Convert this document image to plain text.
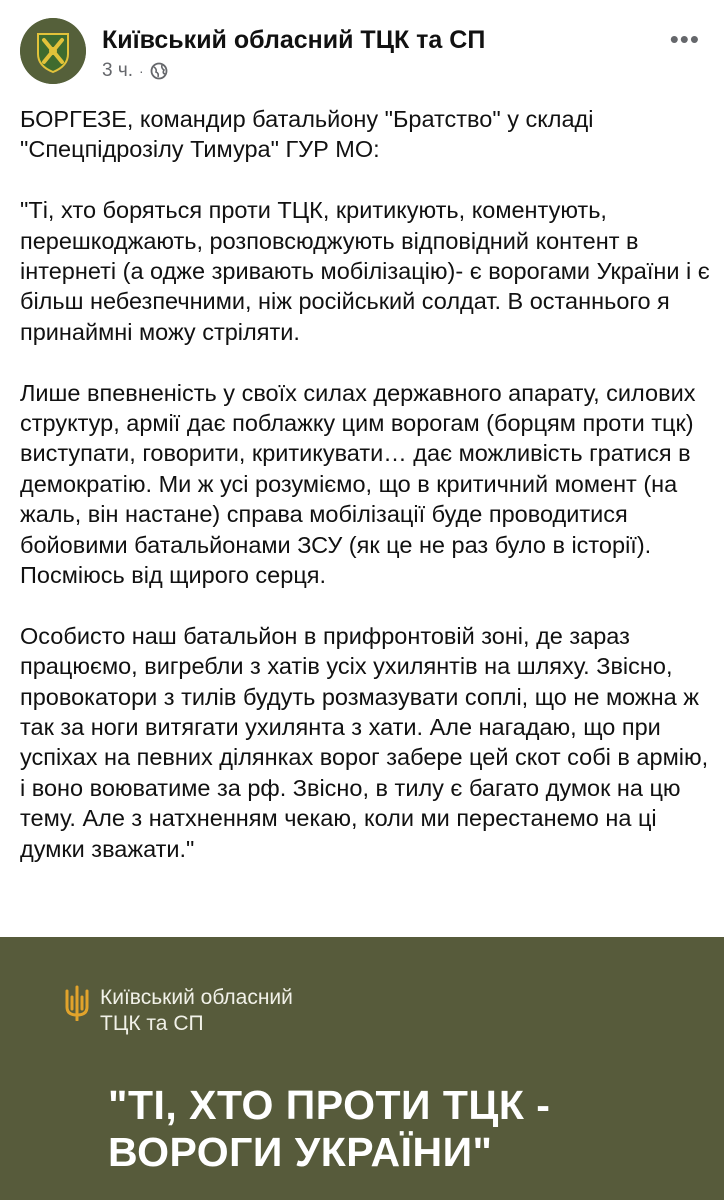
Київський обласний ТЦК та СП
3 ч. ·
•••

БОРГЕЗЕ, командир батальйону "Братство" у складі "Спецпідрозілу Тимура" ГУР МО:

"Ті, хто боряться проти ТЦК, критикують, коментують, перешкоджають, розповсюджують відповідний контент в інтернеті (а одже зривають мобілізацію)- є ворогами України і є більш небезпечними, ніж російський солдат. В останнього я принаймні можу стріляти.

Лише впевненість у своїх силах державного апарату, силових структур, армії дає поблажку цим ворогам (борцям проти тцк) виступати, говорити, критикувати… дає можливість гратися в демократію. Ми ж усі розуміємо, що в критичний момент (на жаль, він настане) справа мобілізації буде проводитися бойовими батальйонами ЗСУ (як це не раз було в історії). Посміюсь від щирого серця.

Особисто наш батальйон в прифронтовій зоні, де зараз працюємо, вигребли з хатів усіх ухилянтів на шляху. Звісно, провокатори з тилів будуть розмазувати соплі, що не можна ж так за ноги витягати ухилянта з хати. Але нагадаю, що при успіхах на певних ділянках ворог забере цей скот собі в армію, і воно воюватиме за рф. Звісно, в тилу є багато думок на цю тему. Але з натхненням чекаю, коли ми перестанемо на ці думки зважати."

Київський обласний
ТЦК та СП
"ТІ, ХТО ПРОТИ ТЦК -
ВОРОГИ УКРАЇНИ"
